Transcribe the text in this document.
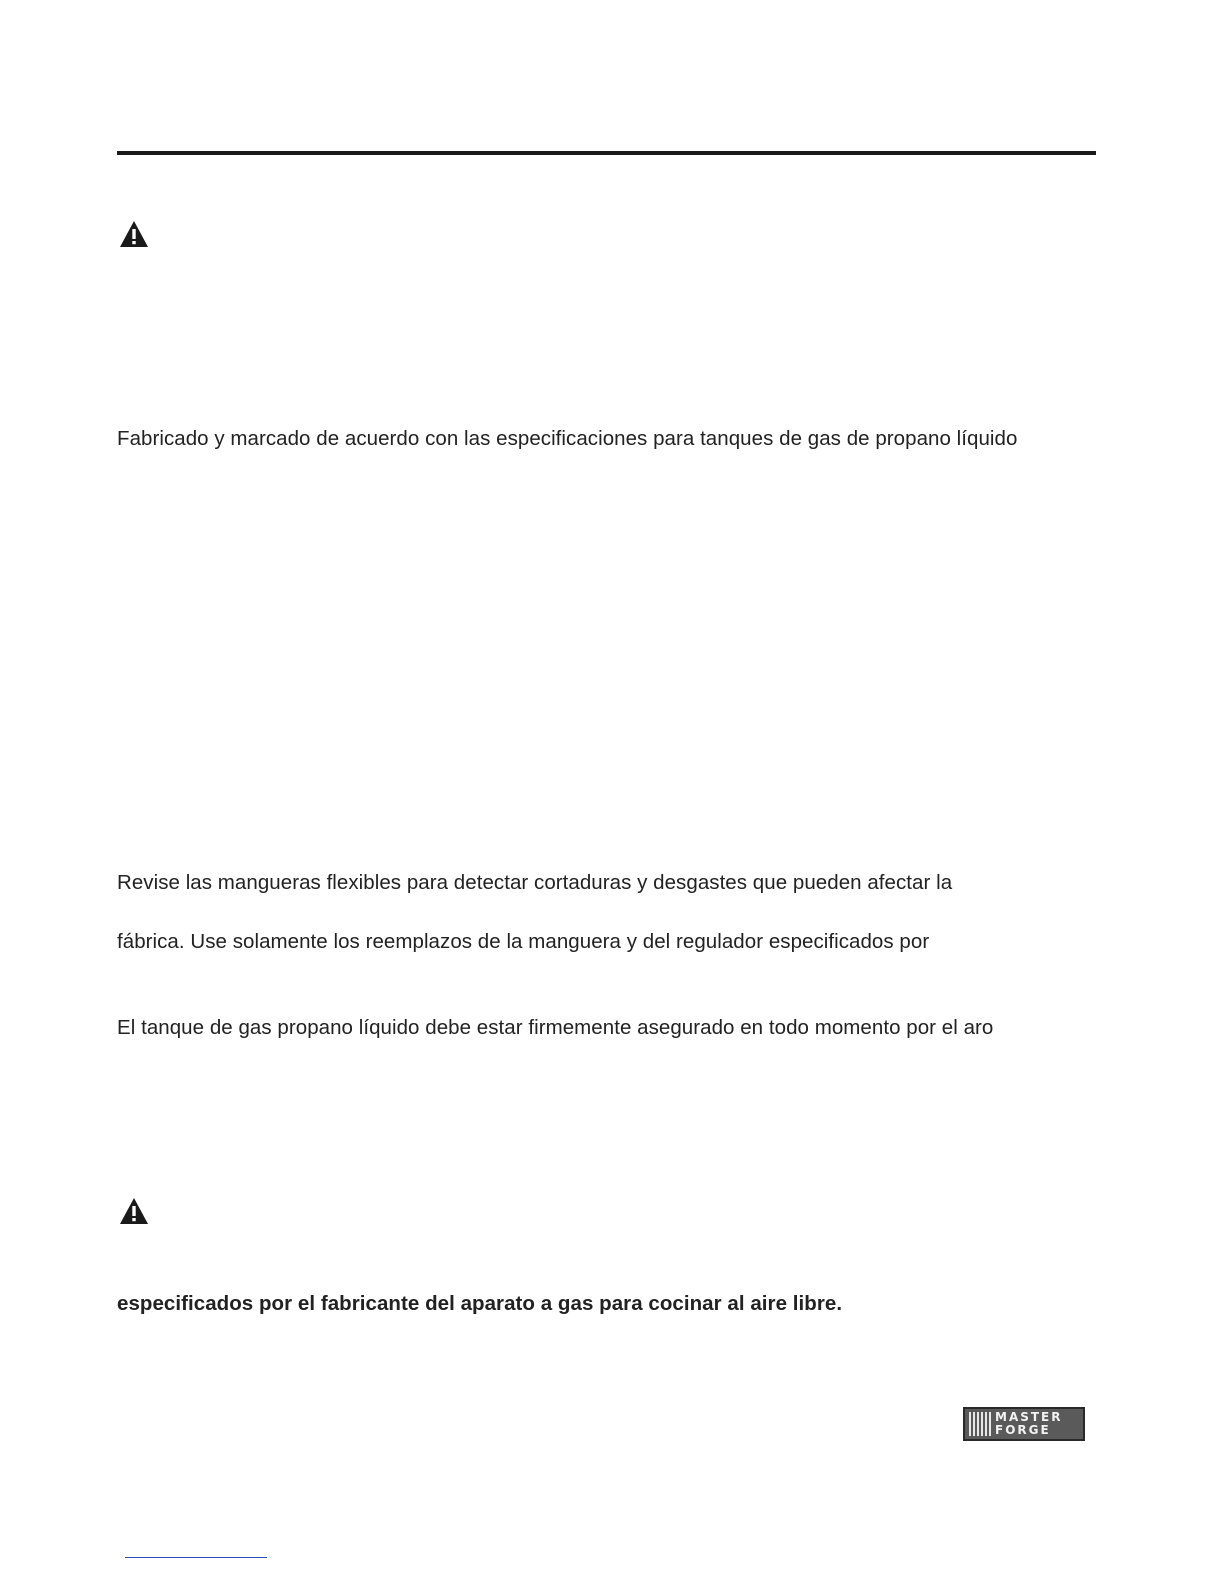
Fabricado y marcado de acuerdo con las especificaciones para tanques de gas de propano líquido

Revise las mangueras flexibles para detectar cortaduras y desgastes que pueden afectar la

fábrica. Use solamente los reemplazos de la manguera y del regulador especificados por

El tanque de gas propano líquido debe estar firmemente asegurado en todo momento por el aro

especificados por el fabricante del aparato a gas para cocinar al aire libre.

MASTER
FORGE
